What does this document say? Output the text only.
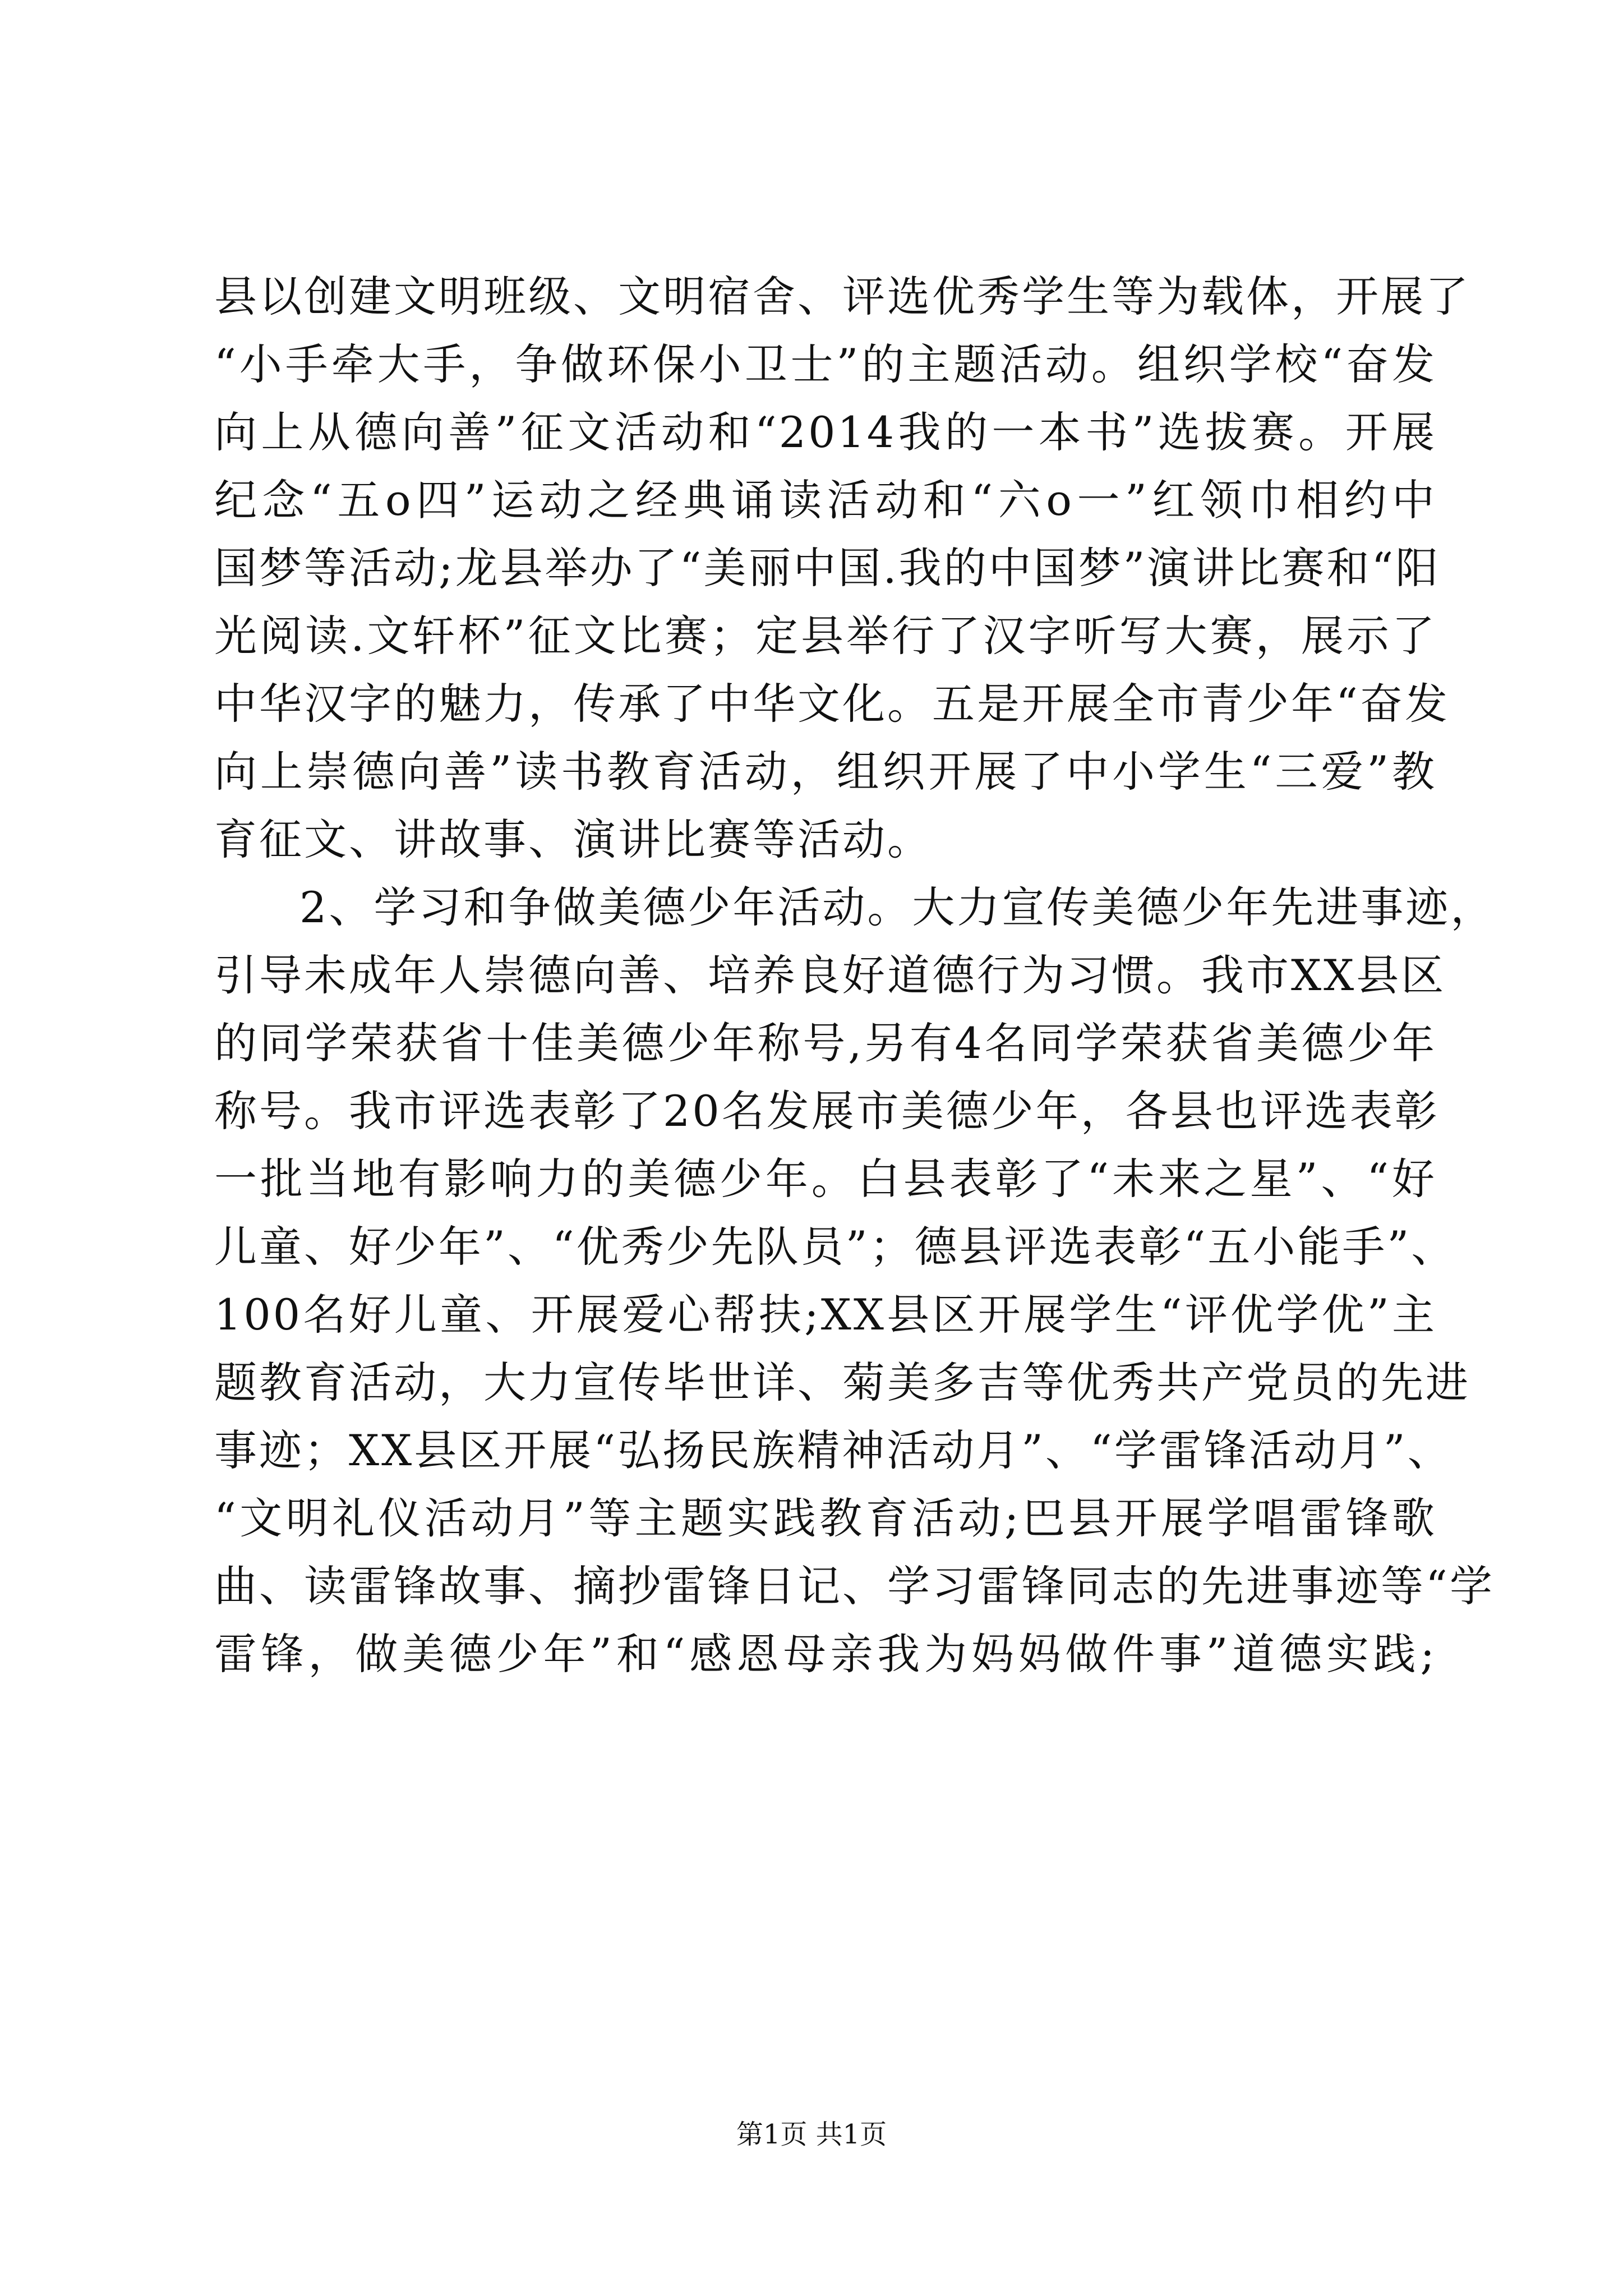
县以创建文明班级、文明宿舍、评选优秀学生等为载体，开展了
“小手牵大手，争做环保小卫士”的主题活动。组织学校“奋发
向上从德向善”征文活动和“2014我的一本书”选拔赛。开展
纪念“五o四”运动之经典诵读活动和“六o一”红领巾相约中
国梦等活动;龙县举办了“美丽中国.我的中国梦”演讲比赛和“阳
光阅读.文轩杯”征文比赛；定县举行了汉字听写大赛，展示了
中华汉字的魅力，传承了中华文化。五是开展全市青少年“奋发
向上崇德向善”读书教育活动，组织开展了中小学生“三爱”教
育征文、讲故事、演讲比赛等活动。
2、学习和争做美德少年活动。大力宣传美德少年先进事迹，
引导未成年人崇德向善、培养良好道德行为习惯。我市XX县区
的同学荣获省十佳美德少年称号,另有4名同学荣获省美德少年
称号。我市评选表彰了20名发展市美德少年，各县也评选表彰
一批当地有影响力的美德少年。白县表彰了“未来之星”、“好
儿童、好少年”、“优秀少先队员”；德县评选表彰“五小能手”、
100名好儿童、开展爱心帮扶;XX县区开展学生“评优学优”主
题教育活动，大力宣传毕世详、菊美多吉等优秀共产党员的先进
事迹；XX县区开展“弘扬民族精神活动月”、“学雷锋活动月”、
“文明礼仪活动月”等主题实践教育活动;巴县开展学唱雷锋歌
曲、读雷锋故事、摘抄雷锋日记、学习雷锋同志的先进事迹等“学
雷锋，做美德少年”和“感恩母亲我为妈妈做件事”道德实践;
第1页 共1页
